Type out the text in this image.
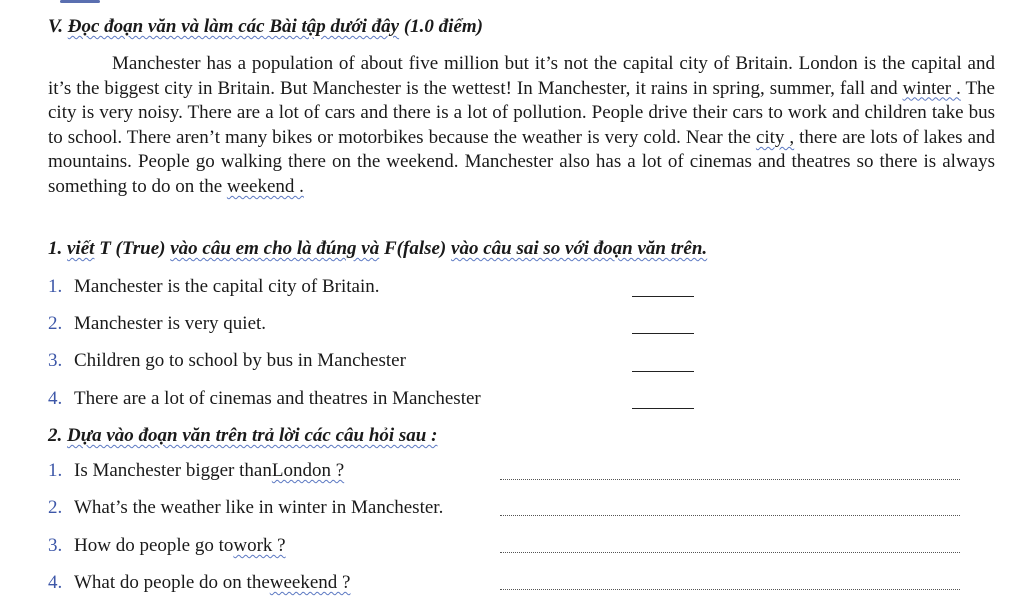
V. Đọc đoạn văn và làm các Bài tập dưới đây (1.0 điểm)

Manchester has a population of about five million but it’s not the capital city of Britain. London is the capital and it’s the biggest city in Britain. But Manchester is the wettest! In Manchester, it rains in spring, summer, fall and winter . The city is very noisy. There are a lot of cars and there is a lot of pollution. People drive their cars to work and children take bus to school. There aren’t many bikes or motorbikes because the weather is very cold. Near the city , there are lots of lakes and mountains. People go walking there on the weekend. Manchester also has a lot of cinemas and theatres so there is always something to do on the weekend .

1. viết T (True) vào câu em cho là đúng và F(false) vào câu sai so với đoạn văn trên.
1. Manchester is the capital city of Britain.
2. Manchester is very quiet.
3. Children go to school by bus in Manchester
4. There are a lot of cinemas and theatres in Manchester
2. Dựa vào đoạn văn trên trả lời các câu hỏi sau :
1. Is Manchester bigger than London ?
2. What’s the weather like in winter in Manchester.
3. How do people go to work ?
4. What do people do on the weekend ?
